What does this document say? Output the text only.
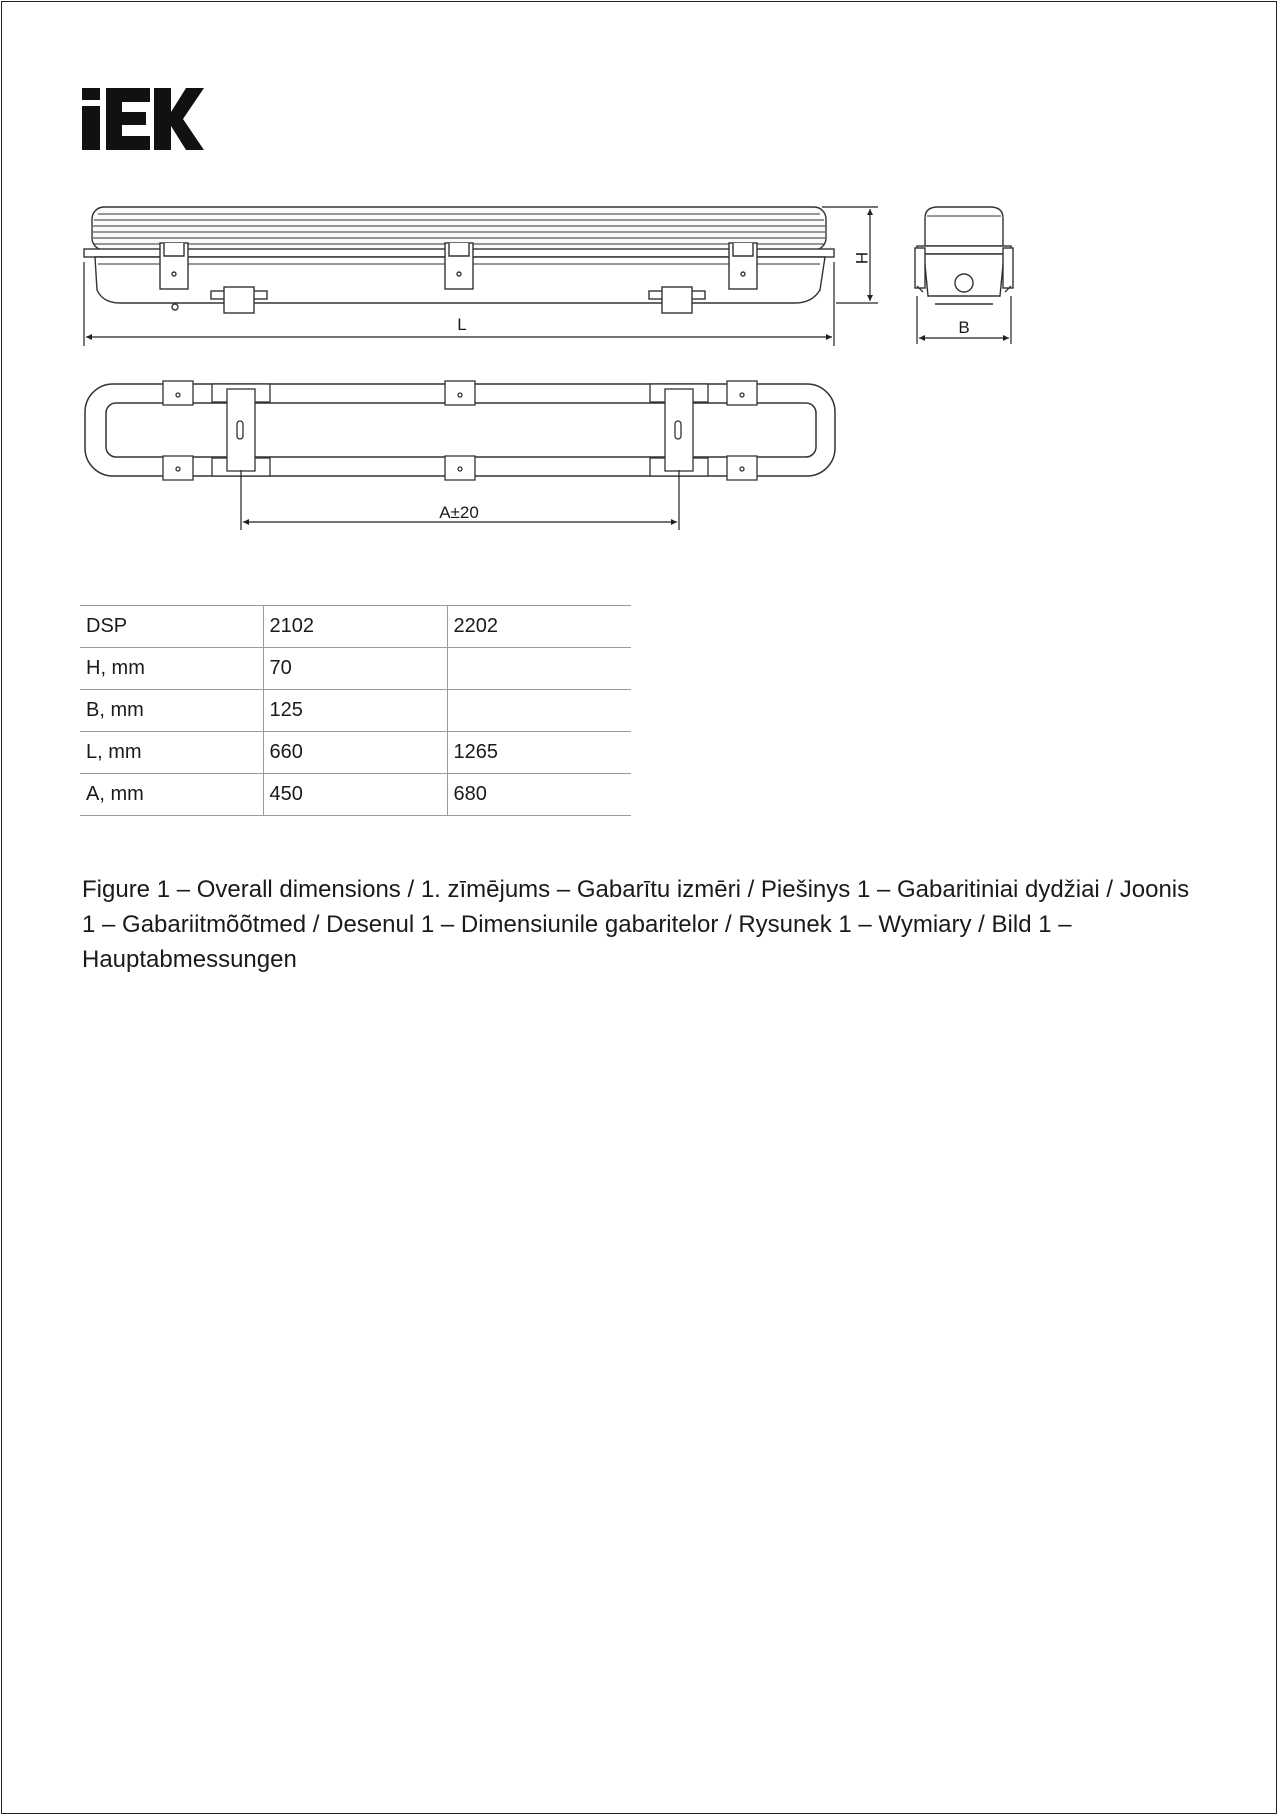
L
H
B
A±20
DSP	2102	2202
H, mm	70	
B, mm	125	
L, mm	660	1265
A, mm	450	680
Figure 1 – Overall dimensions / 1. zīmējums – Gabarītu izmēri / Piešinys 1 – Gabaritiniai dydžiai / Joonis 1 – Gabariitmõõtmed / Desenul 1 – Dimensiunile gabaritelor / Rysunek 1 – Wymiary / Bild 1 – Hauptabmessungen
